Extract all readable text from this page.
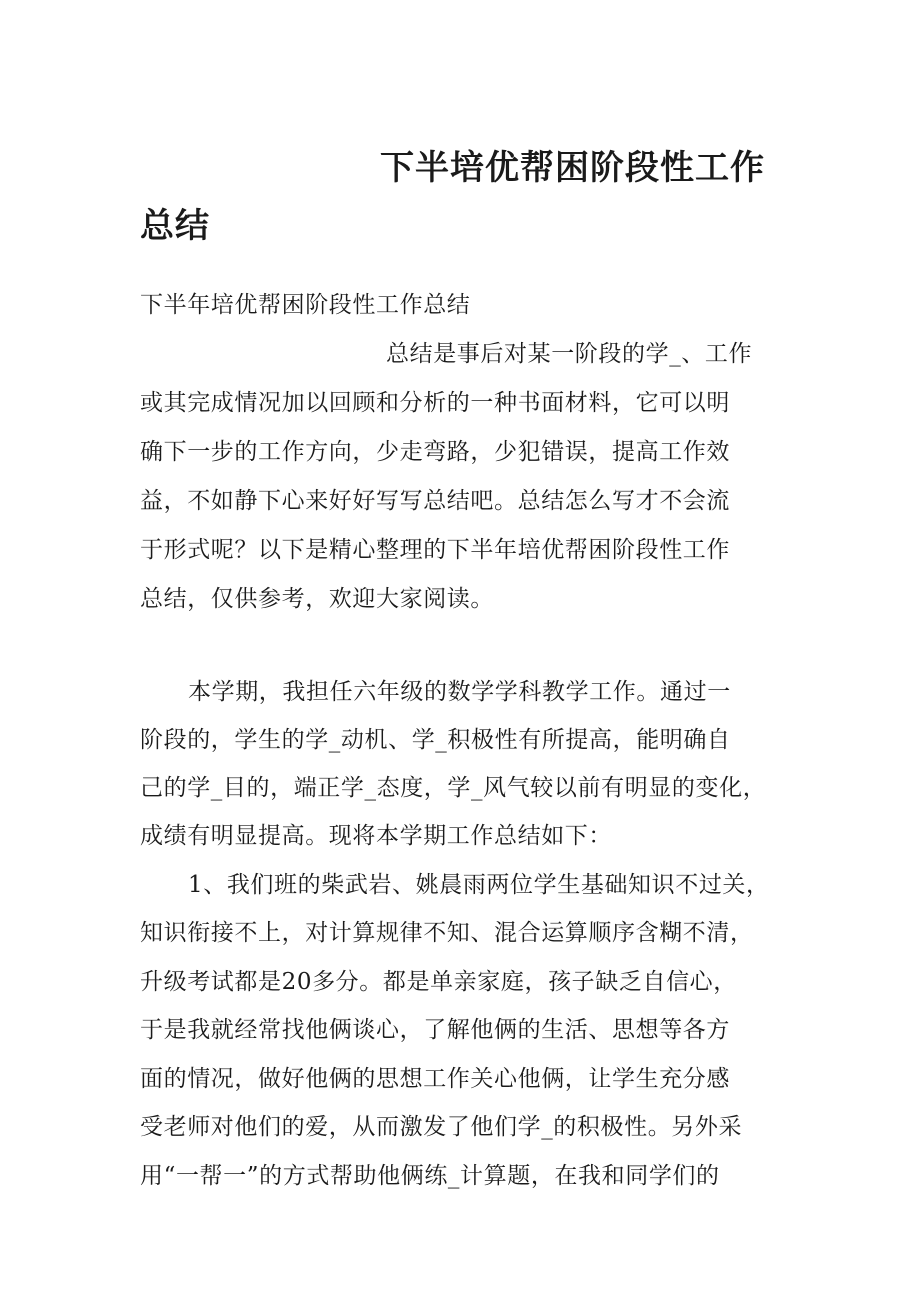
下半培优帮困阶段性工作
总结
下半年培优帮困阶段性工作总结
总结是事后对某一阶段的学_、工作
或其完成情况加以回顾和分析的一种书面材料，它可以明
确下一步的工作方向，少走弯路，少犯错误，提高工作效
益，不如静下心来好好写写总结吧。总结怎么写才不会流
于形式呢？以下是精心整理的下半年培优帮困阶段性工作
总结，仅供参考，欢迎大家阅读。
本学期，我担任六年级的数学学科教学工作。通过一
阶段的，学生的学_动机、学_积极性有所提高，能明确自
己的学_目的，端正学_态度，学_风气较以前有明显的变化，
成绩有明显提高。现将本学期工作总结如下：
1、我们班的柴武岩、姚晨雨两位学生基础知识不过关，
知识衔接不上，对计算规律不知、混合运算顺序含糊不清，
升级考试都是20多分。都是单亲家庭，孩子缺乏自信心，
于是我就经常找他俩谈心，了解他俩的生活、思想等各方
面的情况，做好他俩的思想工作关心他俩，让学生充分感
受老师对他们的爱，从而激发了他们学_的积极性。另外采
用“一帮一”的方式帮助他俩练_计算题，在我和同学们的
